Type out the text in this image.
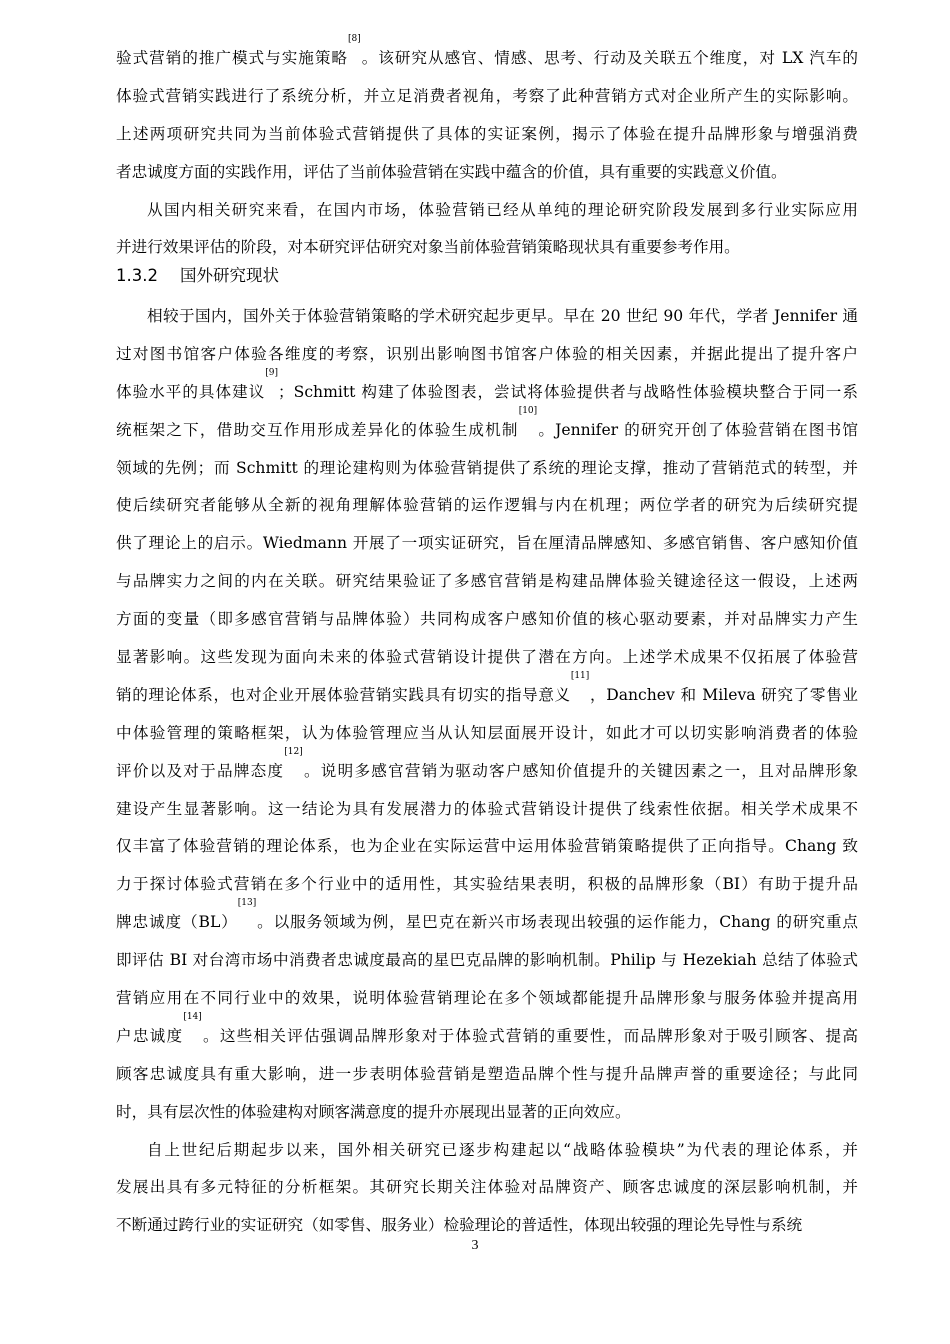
验式营销的推广模式与实施策略[8]。该研究从感官、情感、思考、行动及关联五个维度，对 LX 汽车的
体验式营销实践进行了系统分析，并立足消费者视角，考察了此种营销方式对企业所产生的实际影响。
上述两项研究共同为当前体验式营销提供了具体的实证案例，揭示了体验在提升品牌形象与增强消费
者忠诚度方面的实践作用，评估了当前体验营销在实践中蕴含的价值，具有重要的实践意义价值。
从国内相关研究来看，在国内市场，体验营销已经从单纯的理论研究阶段发展到多行业实际应用
并进行效果评估的阶段，对本研究评估研究对象当前体验营销策略现状具有重要参考作用。
1.3.2 国外研究现状
相较于国内，国外关于体验营销策略的学术研究起步更早。早在 20 世纪 90 年代，学者 Jennifer 通
过对图书馆客户体验各维度的考察，识别出影响图书馆客户体验的相关因素，并据此提出了提升客户
体验水平的具体建议[9]；Schmitt 构建了体验图表，尝试将体验提供者与战略性体验模块整合于同一系
统框架之下，借助交互作用形成差异化的体验生成机制[10]。Jennifer 的研究开创了体验营销在图书馆
领域的先例；而 Schmitt 的理论建构则为体验营销提供了系统的理论支撑，推动了营销范式的转型，并
使后续研究者能够从全新的视角理解体验营销的运作逻辑与内在机理；两位学者的研究为后续研究提
供了理论上的启示。Wiedmann 开展了一项实证研究，旨在厘清品牌感知、多感官销售、客户感知价值
与品牌实力之间的内在关联。研究结果验证了多感官营销是构建品牌体验关键途径这一假设，上述两
方面的变量（即多感官营销与品牌体验）共同构成客户感知价值的核心驱动要素，并对品牌实力产生
显著影响。这些发现为面向未来的体验式营销设计提供了潜在方向。上述学术成果不仅拓展了体验营
销的理论体系，也对企业开展体验营销实践具有切实的指导意义[11]，Danchev 和 Mileva 研究了零售业
中体验管理的策略框架，认为体验管理应当从认知层面展开设计，如此才可以切实影响消费者的体验
评价以及对于品牌态度[12]。说明多感官营销为驱动客户感知价值提升的关键因素之一，且对品牌形象
建设产生显著影响。这一结论为具有发展潜力的体验式营销设计提供了线索性依据。相关学术成果不
仅丰富了体验营销的理论体系，也为企业在实际运营中运用体验营销策略提供了正向指导。Chang 致
力于探讨体验式营销在多个行业中的适用性，其实验结果表明，积极的品牌形象（BI）有助于提升品
牌忠诚度（BL）[13]。以服务领域为例，星巴克在新兴市场表现出较强的运作能力，Chang 的研究重点
即评估 BI 对台湾市场中消费者忠诚度最高的星巴克品牌的影响机制。Philip 与 Hezekiah 总结了体验式
营销应用在不同行业中的效果，说明体验营销理论在多个领域都能提升品牌形象与服务体验并提高用
户忠诚度[14]。这些相关评估强调品牌形象对于体验式营销的重要性，而品牌形象对于吸引顾客、提高
顾客忠诚度具有重大影响，进一步表明体验营销是塑造品牌个性与提升品牌声誉的重要途径；与此同
时，具有层次性的体验建构对顾客满意度的提升亦展现出显著的正向效应。
自上世纪后期起步以来，国外相关研究已逐步构建起以“战略体验模块”为代表的理论体系，并
发展出具有多元特征的分析框架。其研究长期关注体验对品牌资产、顾客忠诚度的深层影响机制，并
不断通过跨行业的实证研究（如零售、服务业）检验理论的普适性，体现出较强的理论先导性与系统
3
